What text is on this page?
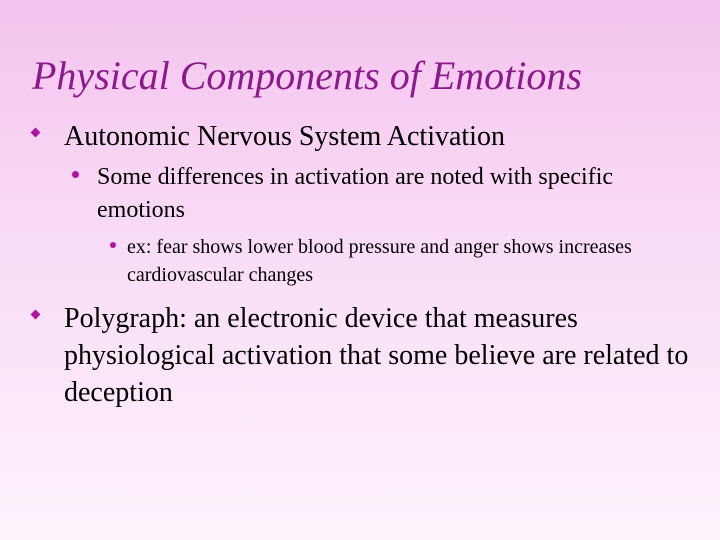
Physical Components of Emotions
Autonomic Nervous System Activation
Some differences in activation are noted with specific emotions
ex: fear shows lower blood pressure and anger shows increases cardiovascular changes
Polygraph: an electronic device that measures physiological activation that some believe are related to deception
